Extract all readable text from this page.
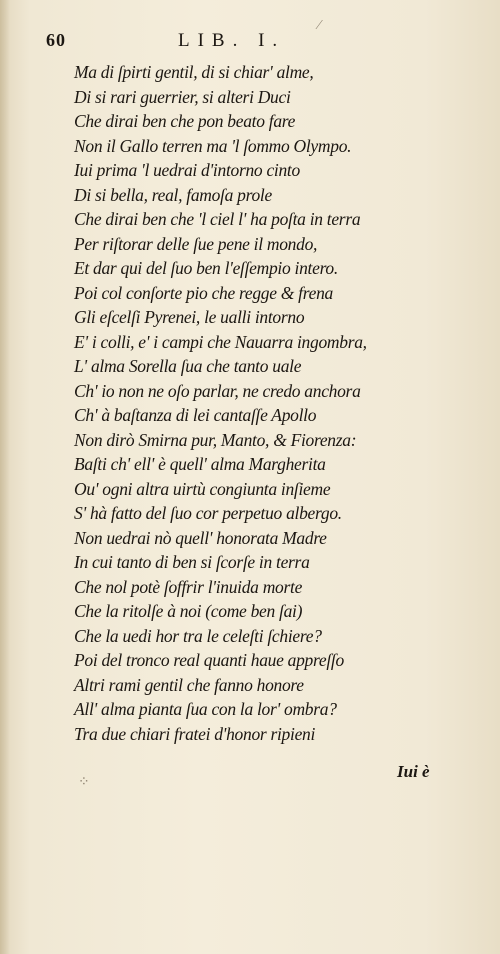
60	LIB. I.
Ma di ſpirti gentil, di si chiar' alme,
Di si rari guerrier, si alteri Duci
Che dirai ben che pon beato fare
Non il Gallo terren ma 'l ſommo Olympo.
Iui prima 'l uedrai d'intorno cinto
Di si bella, real, famoſa prole
Che dirai ben che 'l ciel l' ha poſta in terra
Per riſtorar delle ſue pene il mondo,
Et dar qui del ſuo ben l'eſſempio intero.
Poi col conſorte pio che regge & frena
Gli eſcelſi Pyrenei, le ualli intorno
E' i colli, e' i campi che Nauarra ingombra,
L' alma Sorella ſua che tanto uale
Ch' io non ne oſo parlar, ne credo anchora
Ch' à baſtanza di lei cantaſſe Apollo
Non dirò Smirna pur, Manto, & Fiorenza:
Baſti ch' ell' è quell' alma Margherita
Ou' ogni altra uirtù congiunta inſieme
S' hà fatto del ſuo cor perpetuo albergo.
Non uedrai nò quell' honorata Madre
In cui tanto di ben si ſcorſe in terra
Che nol potè ſoffrir l'inuida morte
Che la ritolſe à noi (come ben ſai)
Che la uedi hor tra le celeſti ſchiere?
Poi del tronco real quanti haue appreſſo
Altri rami gentil che fanno honore
All' alma pianta ſua con la lor' ombra?
Tra due chiari fratei d'honor ripieni
Iui è
⁄
⁘
